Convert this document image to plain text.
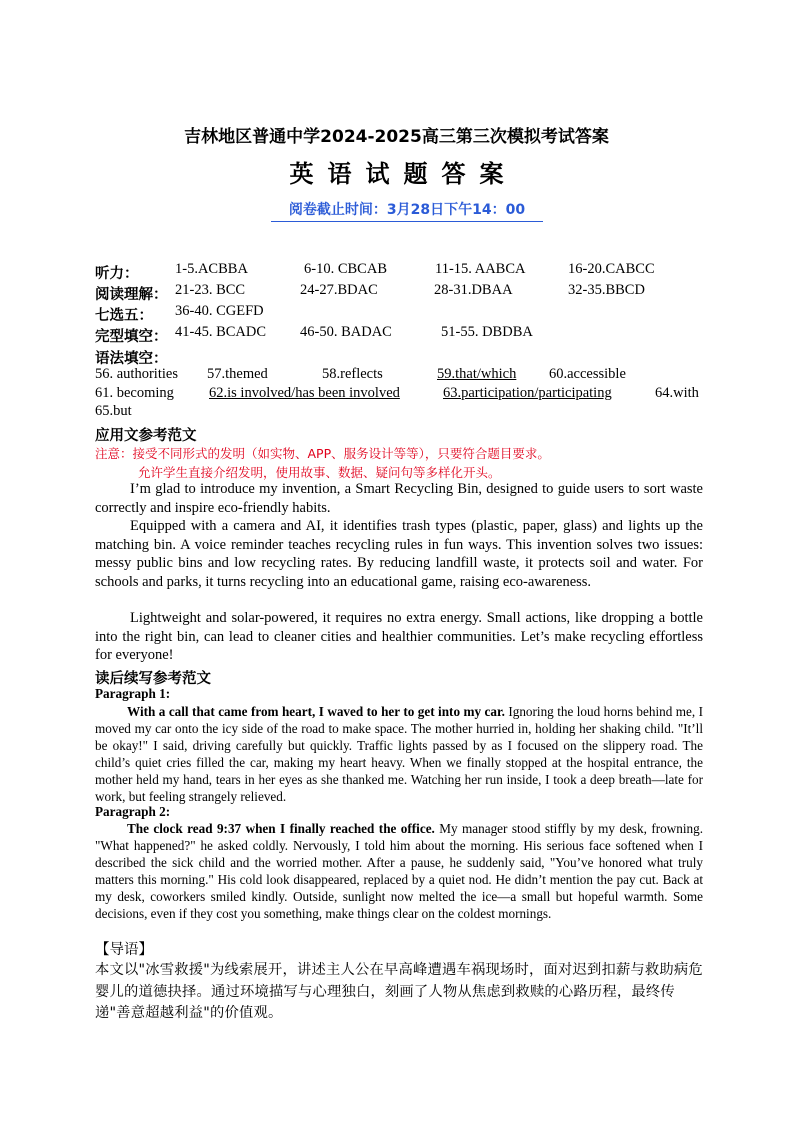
吉林地区普通中学2024-2025高三第三次模拟考试答案
英语试题答案
阅卷截止时间：3月28日下午14：00
听力：	1-5.ACBBA	6-10. CBCAB	11-15. AABCA	16-20.CABCC
阅读理解： 21-23. BCC	24-27.BDAC	28-31.DBAA	32-35.BBCD
七选五： 36-40. CGEFD
完型填空： 41-45. BCADC 46-50. BADAC	51-55. DBDBA
语法填空：
56. authorities 57.themed	58.reflects	59.that/which 60.accessible
61. becoming 62.is involved/has been involved	63.participation/participating	64.with
65.but
应用文参考范文
注意：接受不同形式的发明（如实物、APP、服务设计等等），只要符合题目要求。
允许学生直接介绍发明，使用故事、数据、疑问句等多样化开头。

I’m glad to introduce my invention, a Smart Recycling Bin, designed to guide users to sort waste correctly and inspire eco-friendly habits.

Equipped with a camera and AI, it identifies trash types (plastic, paper, glass) and lights up the matching bin. A voice reminder teaches recycling rules in fun ways. This invention solves two issues: messy public bins and low recycling rates. By reducing landfill waste, it protects soil and water. For schools and parks, it turns recycling into an educational game, raising eco-awareness.

Lightweight and solar-powered, it requires no extra energy. Small actions, like dropping a bottle into the right bin, can lead to cleaner cities and healthier communities. Let’s make recycling effortless for everyone!

读后续写参考范文
Paragraph 1:

With a call that came from heart, I waved to her to get into my car. Ignoring the loud horns behind me, I moved my car onto the icy side of the road to make space. The mother hurried in, holding her shaking child. "It’ll be okay!" I said, driving carefully but quickly. Traffic lights passed by as I focused on the slippery road. The child’s quiet cries filled the car, making my heart heavy. When we finally stopped at the hospital entrance, the mother held my hand, tears in her eyes as she thanked me. Watching her run inside, I took a deep breath—late for work, but feeling strangely relieved.

Paragraph 2:

The clock read 9:37 when I finally reached the office. My manager stood stiffly by my desk, frowning. "What happened?" he asked coldly. Nervously, I told him about the morning. His serious face softened when I described the sick child and the worried mother. After a pause, he suddenly said, "You’ve honored what truly matters this morning." His cold look disappeared, replaced by a quiet nod. He didn’t mention the pay cut. Back at my desk, coworkers smiled kindly. Outside, sunlight now melted the ice—a small but hopeful warmth. Some decisions, even if they cost you something, make things clear on the coldest mornings.

【导语】

本文以"冰雪救援"为线索展开，讲述主人公在早高峰遭遇车祸现场时，面对迟到扣薪与救助病危婴儿的道德抉择。通过环境描写与心理独白，刻画了人物从焦虑到救赎的心路历程，最终传递"善意超越利益"的价值观。
